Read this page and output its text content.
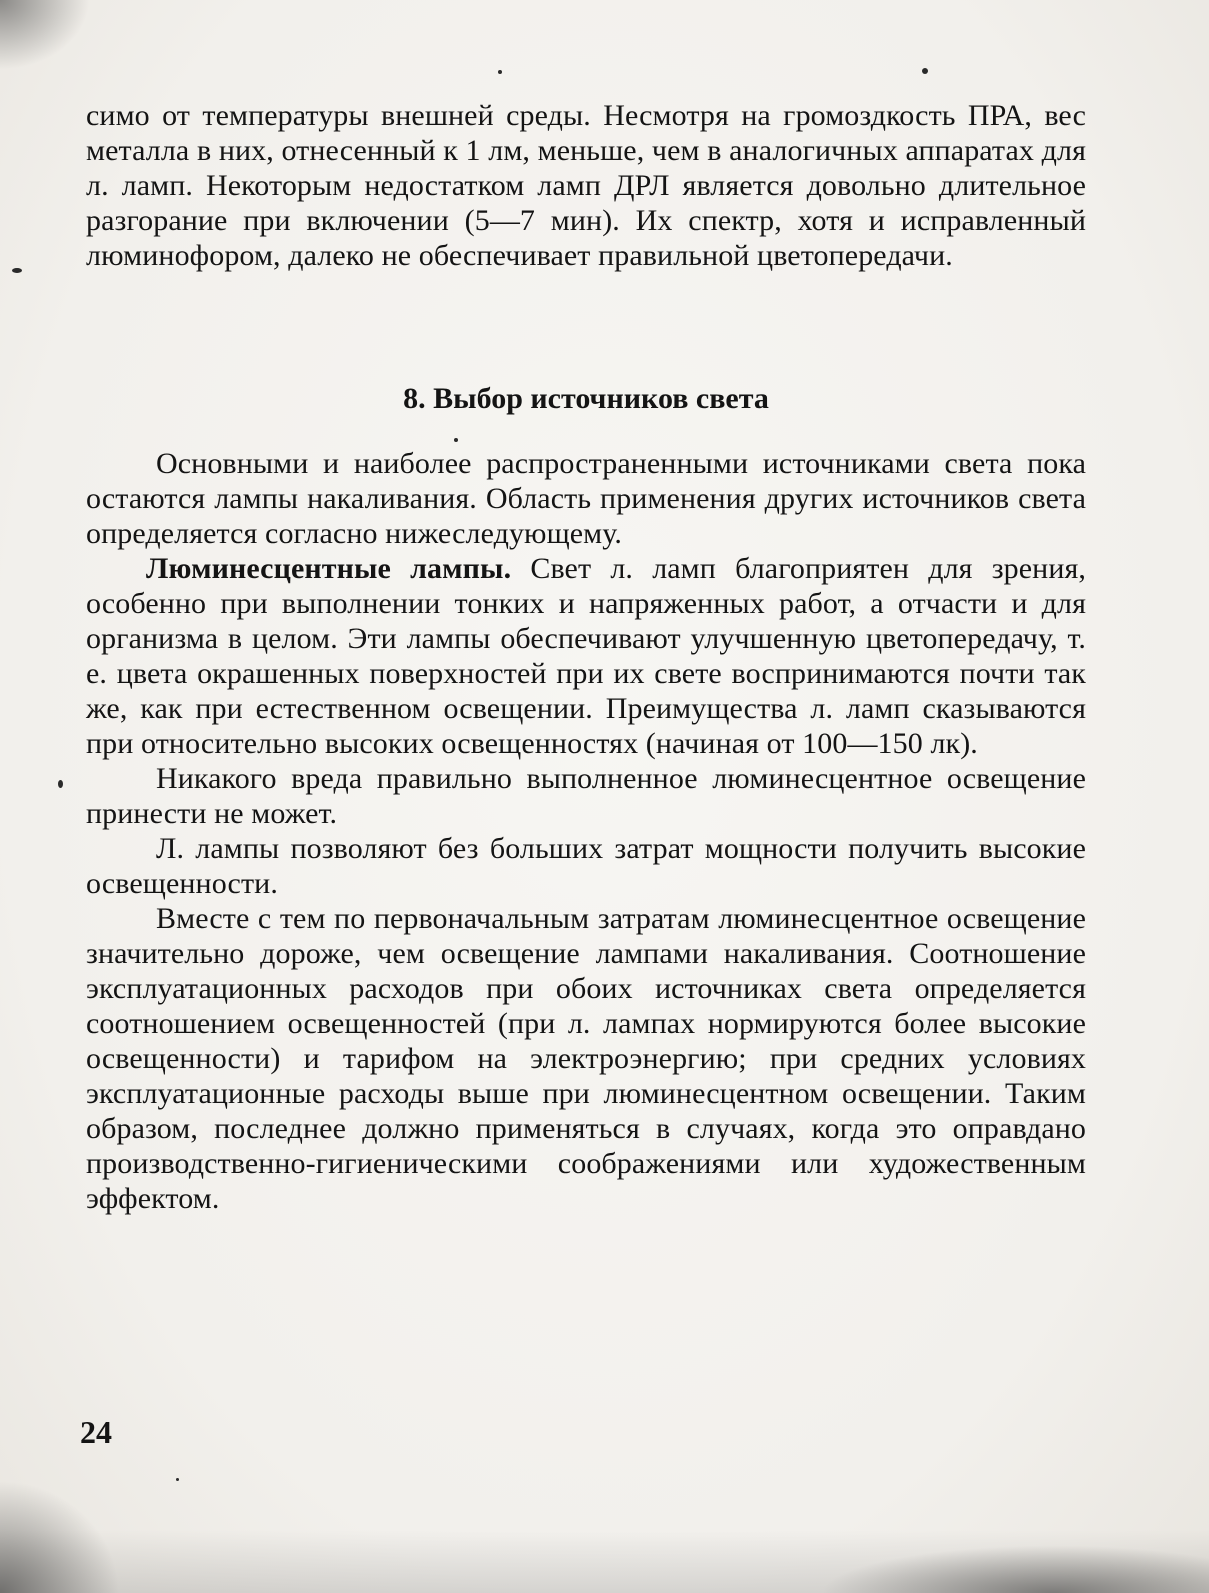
симо от температуры внешней среды. Несмотря на громоздкость ПРА, вес металла в них, отнесенный к 1 лм, меньше, чем в аналогичных аппаратах для л. ламп. Некоторым недостатком ламп ДРЛ является довольно длительное разгорание при включении (5—7 мин). Их спектр, хотя и исправленный люминофором, далеко не обеспечивает правильной цветопередачи.

8. Выбор источников света

Основными и наиболее распространенными источниками света пока остаются лампы накаливания. Область применения других источников света определяется согласно нижеследующему.

Люминесцентные лампы. Свет л. ламп благоприятен для зрения, особенно при выполнении тонких и напряженных работ, а отчасти и для организма в целом. Эти лампы обеспечивают улучшенную цветопередачу, т. е. цвета окрашенных поверхностей при их свете воспринимаются почти так же, как при естественном освещении. Преимущества л. ламп сказываются при относительно высоких освещенностях (начиная от 100—150 лк).

Никакого вреда правильно выполненное люминесцентное освещение принести не может.

Л. лампы позволяют без больших затрат мощности получить высокие освещенности.

Вместе с тем по первоначальным затратам люминесцентное освещение значительно дороже, чем освещение лампами накаливания. Соотношение эксплуатационных расходов при обоих источниках света определяется соотношением освещенностей (при л. лампах нормируются более высокие освещенности) и тарифом на электроэнергию; при средних условиях эксплуатационные расходы выше при люминесцентном освещении. Таким образом, последнее должно применяться в случаях, когда это оправдано производственно-гигиеническими соображениями или художественным эффектом.

24
